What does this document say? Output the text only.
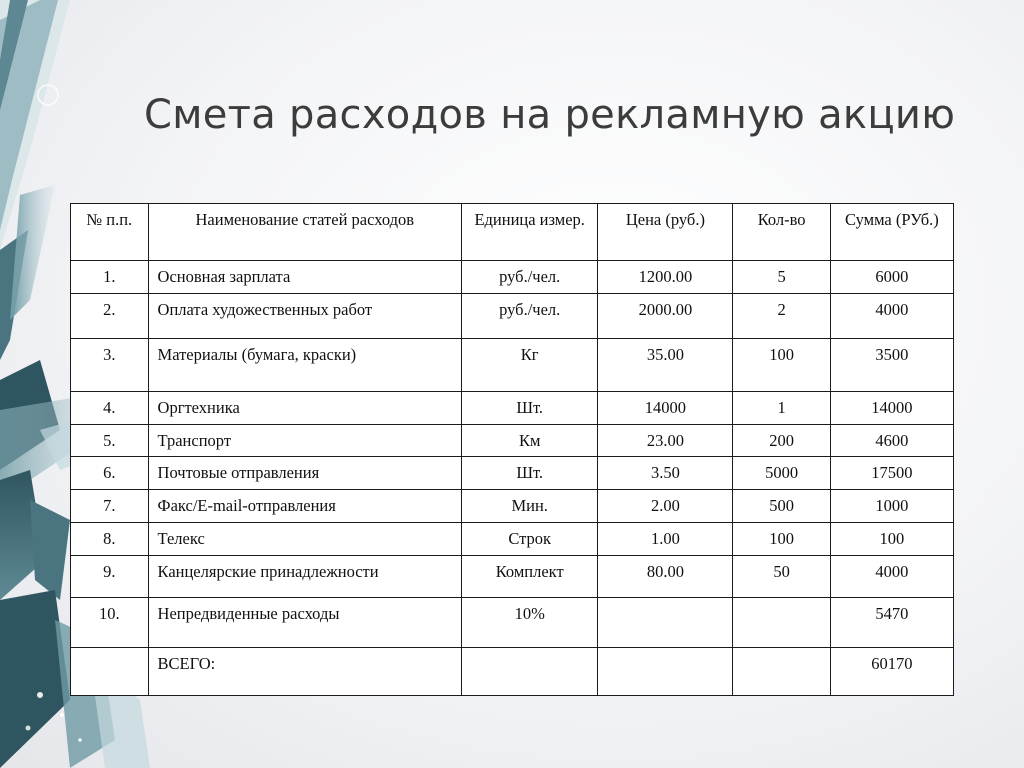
Смета расходов на рекламную акцию
№ п.п.	Наименование статей расходов	Единица измер.	Цена (руб.)	Кол-во	Сумма (РУб.)
1.	Основная зарплата	руб./чел.	1200.00	5	6000
2.	Оплата художественных работ	руб./чел.	2000.00	2	4000
3.	Материалы (бумага, краски)	Кг	35.00	100	3500
4.	Оргтехника	Шт.	14000	1	14000
5.	Транспорт	Км	23.00	200	4600
6.	Почтовые отправления	Шт.	3.50	5000	17500
7.	Факс/E-mail-отправления	Мин.	2.00	500	1000
8.	Телекс	Строк	1.00	100	100
9.	Канцелярские принадлежности	Комплект	80.00	50	4000
10.	Непредвиденные расходы	10%			5470
	ВСЕГО:				60170
